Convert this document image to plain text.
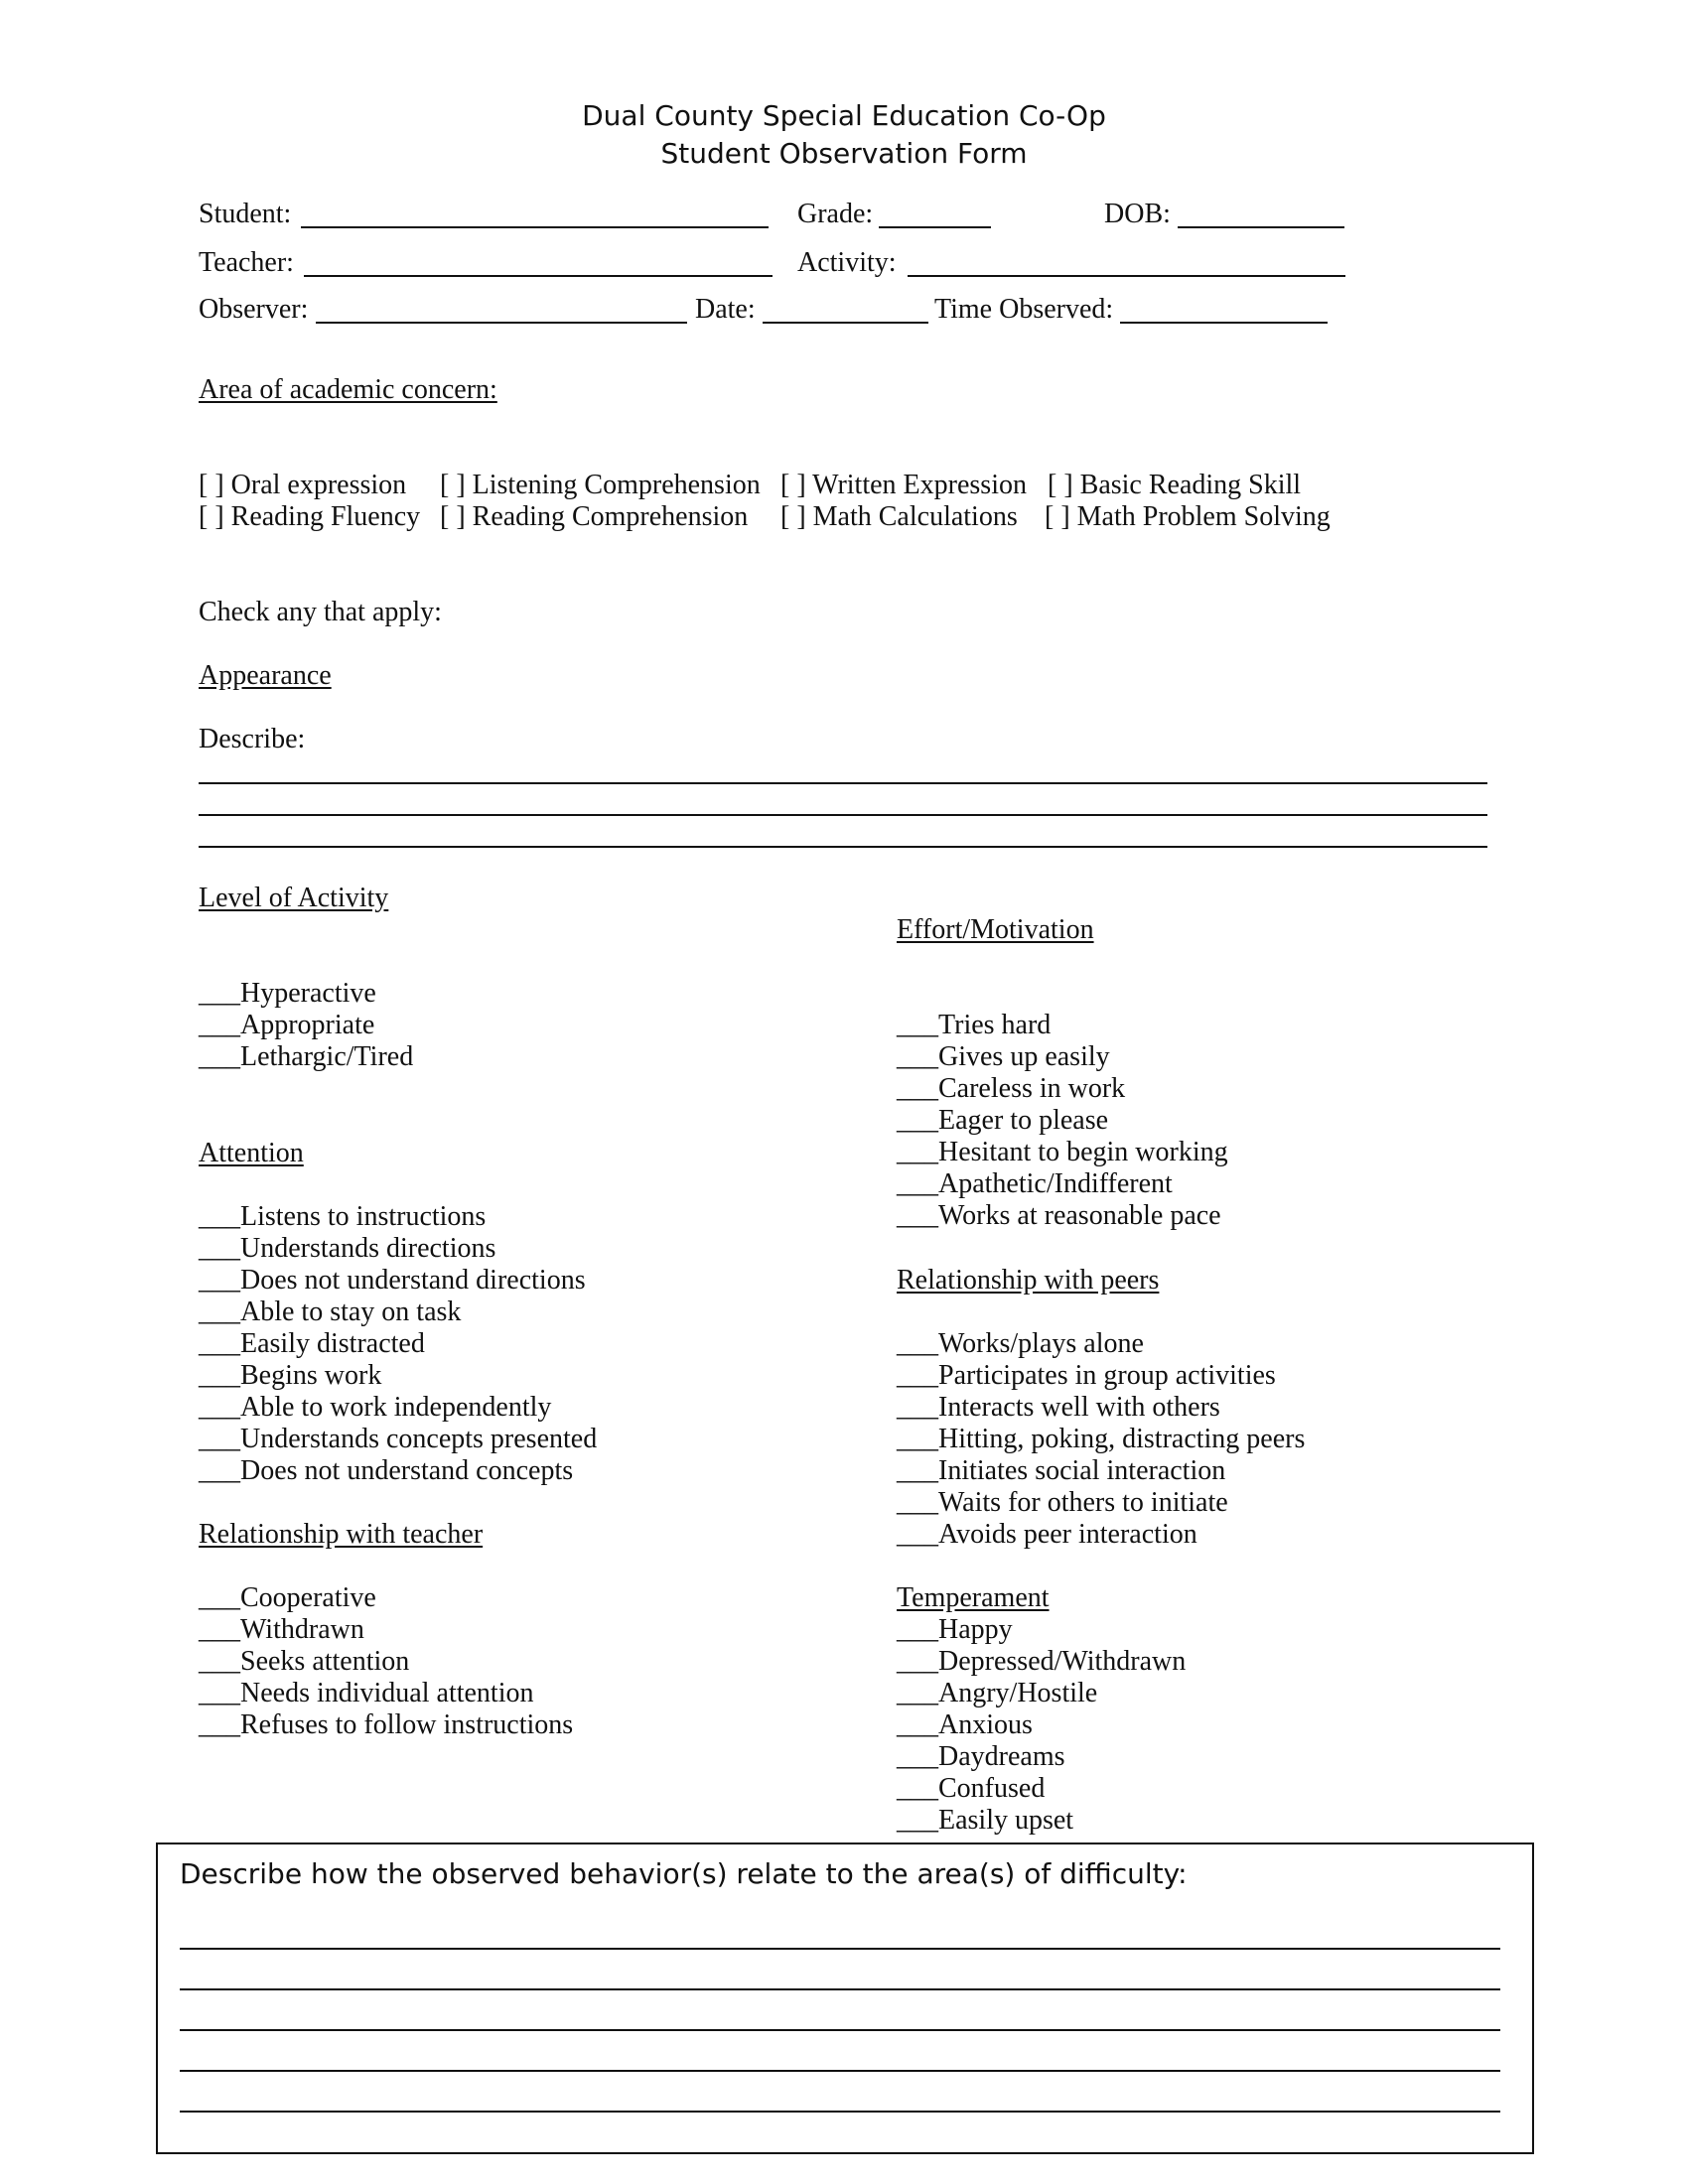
Dual County Special Education Co-Op
Student Observation Form
Student:	Grade:	DOB:
Teacher:	Activity:
Observer:	Date:	Time Observed:
Area of academic concern:
[ ] Oral expression [ ] Listening Comprehension [ ] Written Expression [ ] Basic Reading Skill
[ ] Reading Fluency [ ] Reading Comprehension [ ] Math Calculations [ ] Math Problem Solving
Check any that apply:
Appearance
Describe:
Level of Activity
___Hyperactive
___Appropriate
___Lethargic/Tired
Attention
___Listens to instructions
___Understands directions
___Does not understand directions
___Able to stay on task
___Easily distracted
___Begins work
___Able to work independently
___Understands concepts presented
___Does not understand concepts
Relationship with teacher
___Cooperative
___Withdrawn
___Seeks attention
___Needs individual attention
___Refuses to follow instructions
Effort/Motivation
___Tries hard
___Gives up easily
___Careless in work
___Eager to please
___Hesitant to begin working
___Apathetic/Indifferent
___Works at reasonable pace
Relationship with peers
___Works/plays alone
___Participates in group activities
___Interacts well with others
___Hitting, poking, distracting peers
___Initiates social interaction
___Waits for others to initiate
___Avoids peer interaction
Temperament
___Happy
___Depressed/Withdrawn
___Angry/Hostile
___Anxious
___Daydreams
___Confused
___Easily upset
Describe how the observed behavior(s) relate to the area(s) of difficulty:
